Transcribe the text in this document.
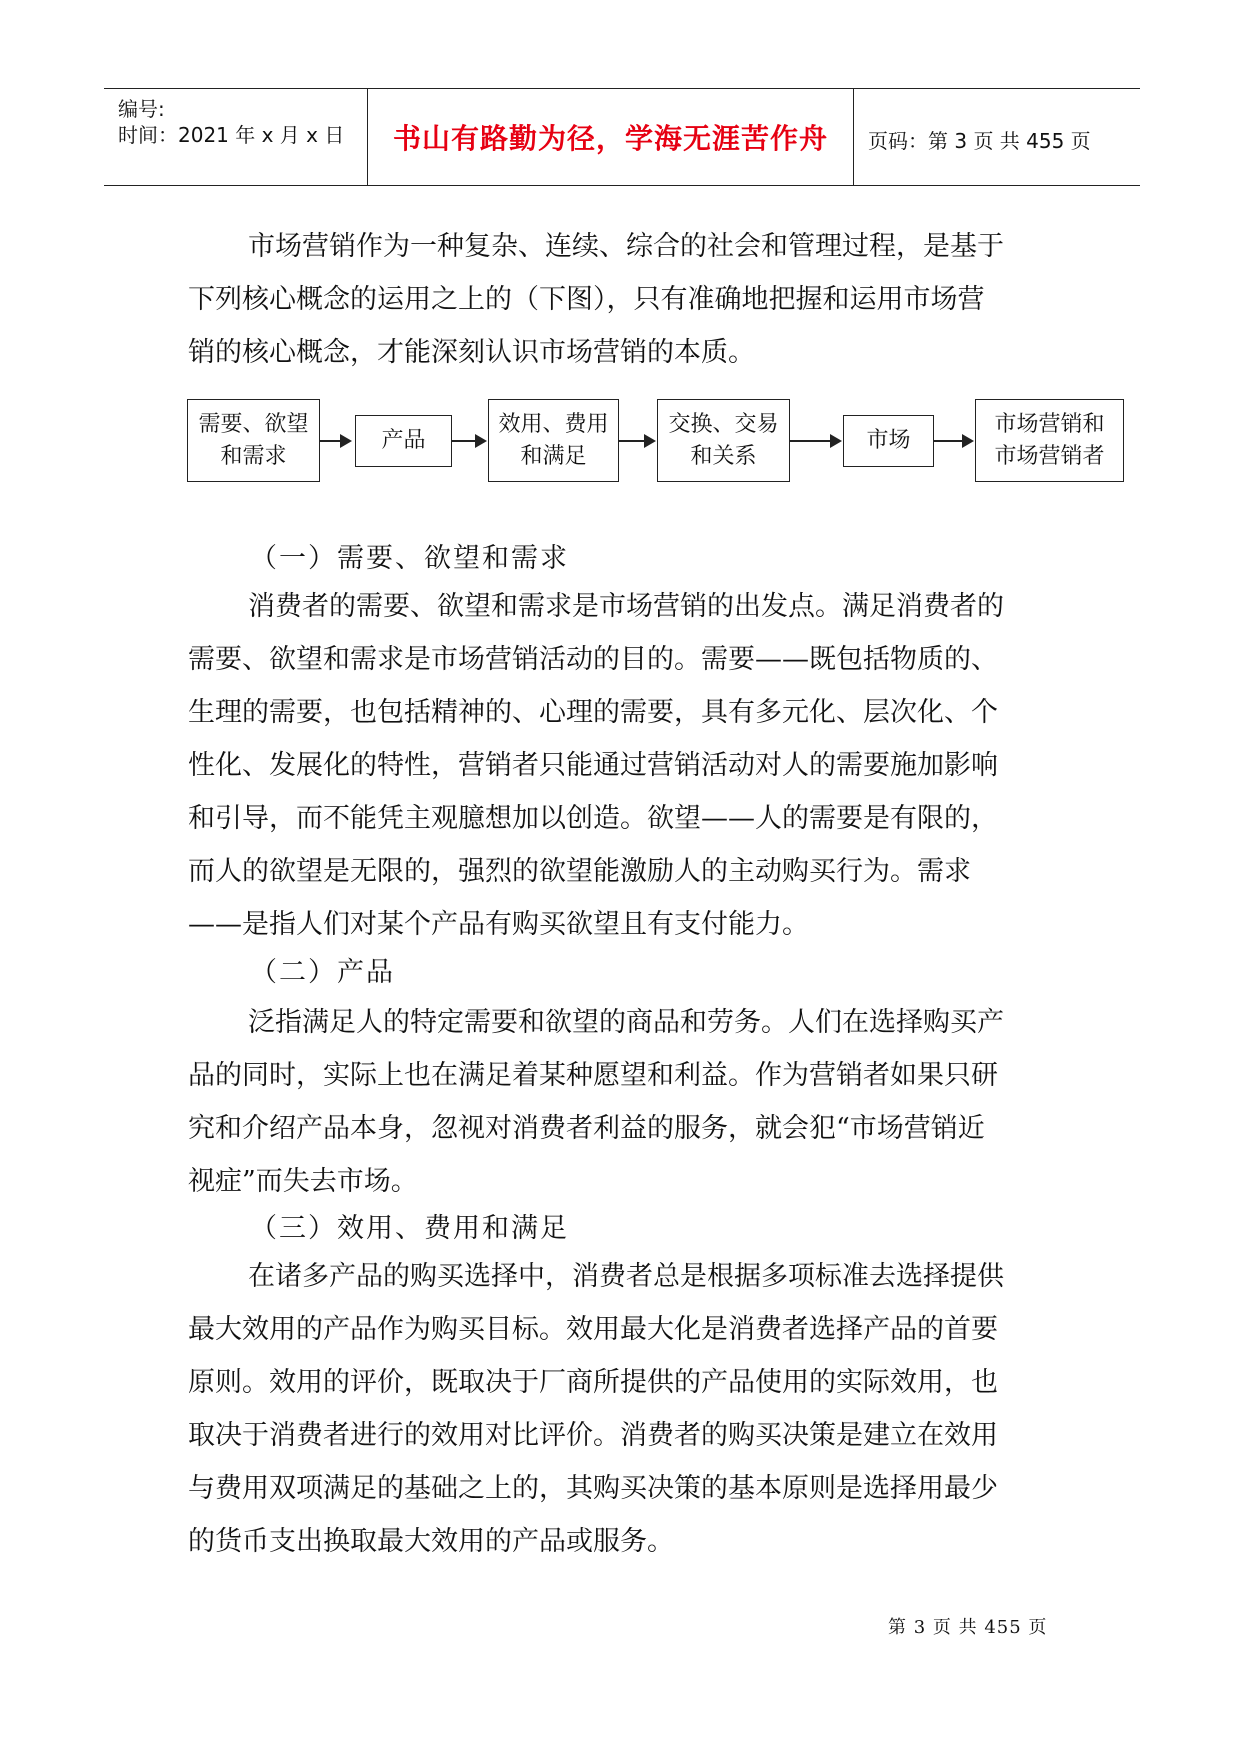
编号:
时间：2021 年 x 月 x 日	书山有路勤为径，学海无涯苦作舟	页码：第 3 页 共 455 页
市场营销作为一种复杂、连续、综合的社会和管理过程，是基于
下列核心概念的运用之上的（下图），只有准确地把握和运用市场营
销的核心概念，才能深刻认识市场营销的本质。
需要、欲望
和需求
产品
效用、费用
和满足
交换、交易
和关系
市场
市场营销和
市场营销者
（一）需要、欲望和需求
消费者的需要、欲望和需求是市场营销的出发点。满足消费者的
需要、欲望和需求是市场营销活动的目的。需要——既包括物质的、
生理的需要，也包括精神的、心理的需要，具有多元化、层次化、个
性化、发展化的特性，营销者只能通过营销活动对人的需要施加影响
和引导，而不能凭主观臆想加以创造。欲望——人的需要是有限的，
而人的欲望是无限的，强烈的欲望能激励人的主动购买行为。需求
——是指人们对某个产品有购买欲望且有支付能力。
（二）产品
泛指满足人的特定需要和欲望的商品和劳务。人们在选择购买产
品的同时，实际上也在满足着某种愿望和利益。作为营销者如果只研
究和介绍产品本身，忽视对消费者利益的服务，就会犯“市场营销近
视症”而失去市场。
（三）效用、费用和满足
在诸多产品的购买选择中，消费者总是根据多项标准去选择提供
最大效用的产品作为购买目标。效用最大化是消费者选择产品的首要
原则。效用的评价，既取决于厂商所提供的产品使用的实际效用，也
取决于消费者进行的效用对比评价。消费者的购买决策是建立在效用
与费用双项满足的基础之上的，其购买决策的基本原则是选择用最少
的货币支出换取最大效用的产品或服务。
第 3 页 共 455 页
